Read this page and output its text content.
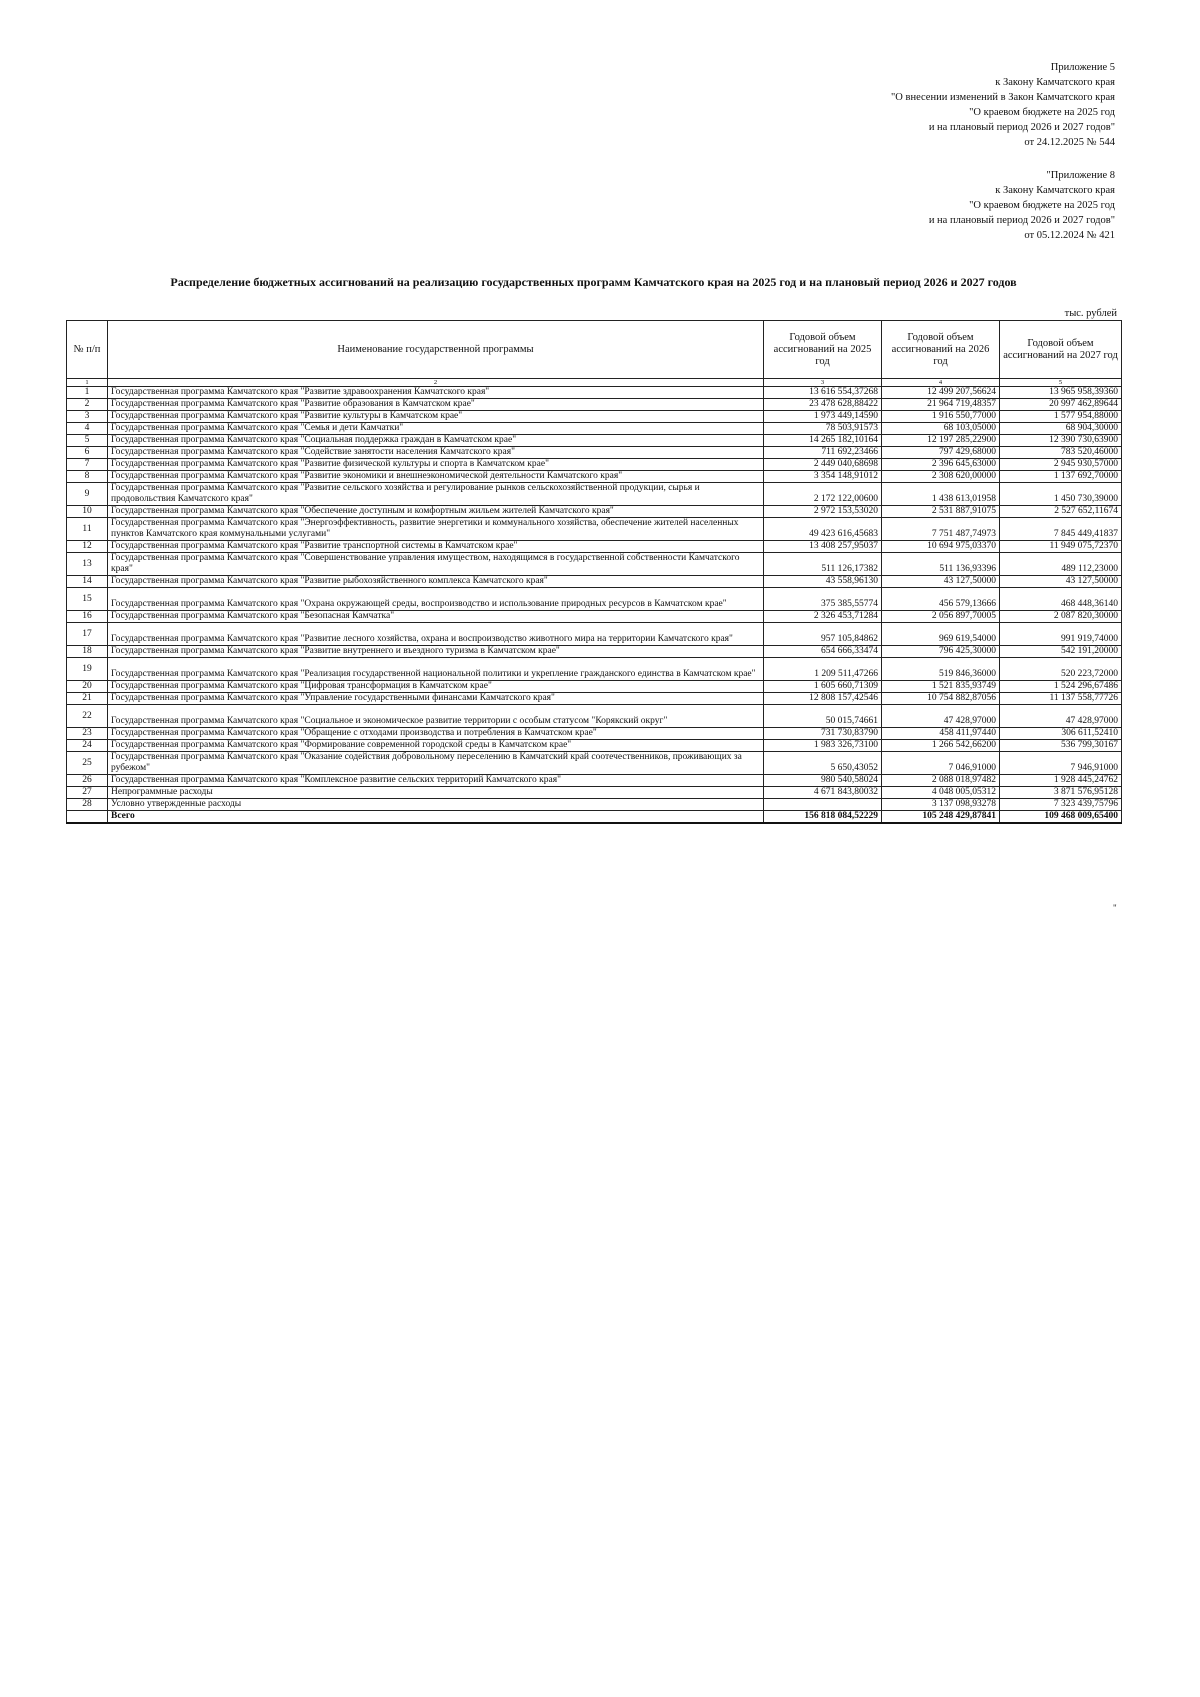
Приложение 5
к Закону Камчатского края
"О внесении изменений в Закон Камчатского края
"О краевом бюджете на 2025 год
и на плановый период 2026 и 2027 годов"
от 24.12.2025 № 544
"Приложение 8
к Закону Камчатского края
"О краевом бюджете на 2025 год
и на плановый период 2026 и 2027 годов"
от 05.12.2024 № 421
Распределение бюджетных ассигнований на реализацию государственных программ Камчатского края на 2025 год и на плановый период 2026 и 2027 годов
тыс. рублей
№ п/п	Наименование государственной программы	Годовой объем ассигнований на 2025 год	Годовой объем ассигнований на 2026 год	Годовой объем ассигнований на 2027 год
1	2	3	4	5
1	Государственная программа Камчатского края "Развитие здравоохранения Камчатского края"	13 616 554,37268	12 499 207,56624	13 965 958,39360
2	Государственная программа Камчатского края "Развитие образования в Камчатском крае"	23 478 628,88422	21 964 719,48357	20 997 462,89644
3	Государственная программа Камчатского края "Развитие культуры в Камчатском крае"	1 973 449,14590	1 916 550,77000	1 577 954,88000
4	Государственная программа Камчатского края "Семья и дети Камчатки"	78 503,91573	68 103,05000	68 904,30000
5	Государственная программа Камчатского края "Социальная поддержка граждан в Камчатском крае"	14 265 182,10164	12 197 285,22900	12 390 730,63900
6	Государственная программа Камчатского края "Содействие занятости населения Камчатского края"	711 692,23466	797 429,68000	783 520,46000
7	Государственная программа Камчатского края "Развитие физической культуры и спорта в Камчатском крае"	2 449 040,68698	2 396 645,63000	2 945 930,57000
8	Государственная программа Камчатского края "Развитие экономики и внешнеэкономической деятельности Камчатского края"	3 354 148,91012	2 308 620,00000	1 137 692,70000
9	Государственная программа Камчатского края "Развитие сельского хозяйства и регулирование рынков сельскохозяйственной продукции, сырья и продовольствия Камчатского края"	2 172 122,00600	1 438 613,01958	1 450 730,39000
10	Государственная программа Камчатского края "Обеспечение доступным и комфортным жильем жителей Камчатского края"	2 972 153,53020	2 531 887,91075	2 527 652,11674
11	Государственная программа Камчатского края "Энергоэффективность, развитие энергетики и коммунального хозяйства, обеспечение жителей населенных пунктов Камчатского края коммунальными услугами"	49 423 616,45683	7 751 487,74973	7 845 449,41837
12	Государственная программа Камчатского края "Развитие транспортной системы в Камчатском крае"	13 408 257,95037	10 694 975,03370	11 949 075,72370
13	Государственная программа Камчатского края "Совершенствование управления имуществом, находящимся в государственной собственности Камчатского края"	511 126,17382	511 136,93396	489 112,23000
14	Государственная программа Камчатского края "Развитие рыбохозяйственного комплекса Камчатского края"	43 558,96130	43 127,50000	43 127,50000
15	Государственная программа Камчатского края "Охрана окружающей среды, воспроизводство и использование природных ресурсов в Камчатском крае"	375 385,55774	456 579,13666	468 448,36140
16	Государственная программа Камчатского края "Безопасная Камчатка"	2 326 453,71284	2 056 897,70005	2 087 820,30000
17	Государственная программа Камчатского края "Развитие лесного хозяйства, охрана и воспроизводство животного мира на территории Камчатского края"	957 105,84862	969 619,54000	991 919,74000
18	Государственная программа Камчатского края "Развитие внутреннего и въездного туризма в Камчатском крае"	654 666,33474	796 425,30000	542 191,20000
19	Государственная программа Камчатского края "Реализация государственной национальной политики и укрепление гражданского единства в Камчатском крае"	1 209 511,47266	519 846,36000	520 223,72000
20	Государственная программа Камчатского края "Цифровая трансформация в Камчатском крае"	1 605 660,71309	1 521 835,93749	1 524 296,67486
21	Государственная программа Камчатского края "Управление государственными финансами Камчатского края"	12 808 157,42546	10 754 882,87056	11 137 558,77726
22	Государственная программа Камчатского края "Социальное и экономическое развитие территории с особым статусом "Корякский округ"	50 015,74661	47 428,97000	47 428,97000
23	Государственная программа Камчатского края "Обращение с отходами производства и потребления в Камчатском крае"	731 730,83790	458 411,97440	306 611,52410
24	Государственная программа Камчатского края "Формирование современной городской среды в Камчатском крае"	1 983 326,73100	1 266 542,66200	536 799,30167
25	Государственная программа Камчатского края "Оказание содействия добровольному переселению в Камчатский край соотечественников, проживающих за рубежом"	5 650,43052	7 046,91000	7 946,91000
26	Государственная программа Камчатского края "Комплексное развитие сельских территорий Камчатского края"	980 540,58024	2 088 018,97482	1 928 445,24762
27	Непрограммные расходы	4 671 843,80032	4 048 005,05312	3 871 576,95128
28	Условно утвержденные расходы		3 137 098,93278	7 323 439,75796
	Всего	156 818 084,52229	105 248 429,87841	109 468 009,65400
"
